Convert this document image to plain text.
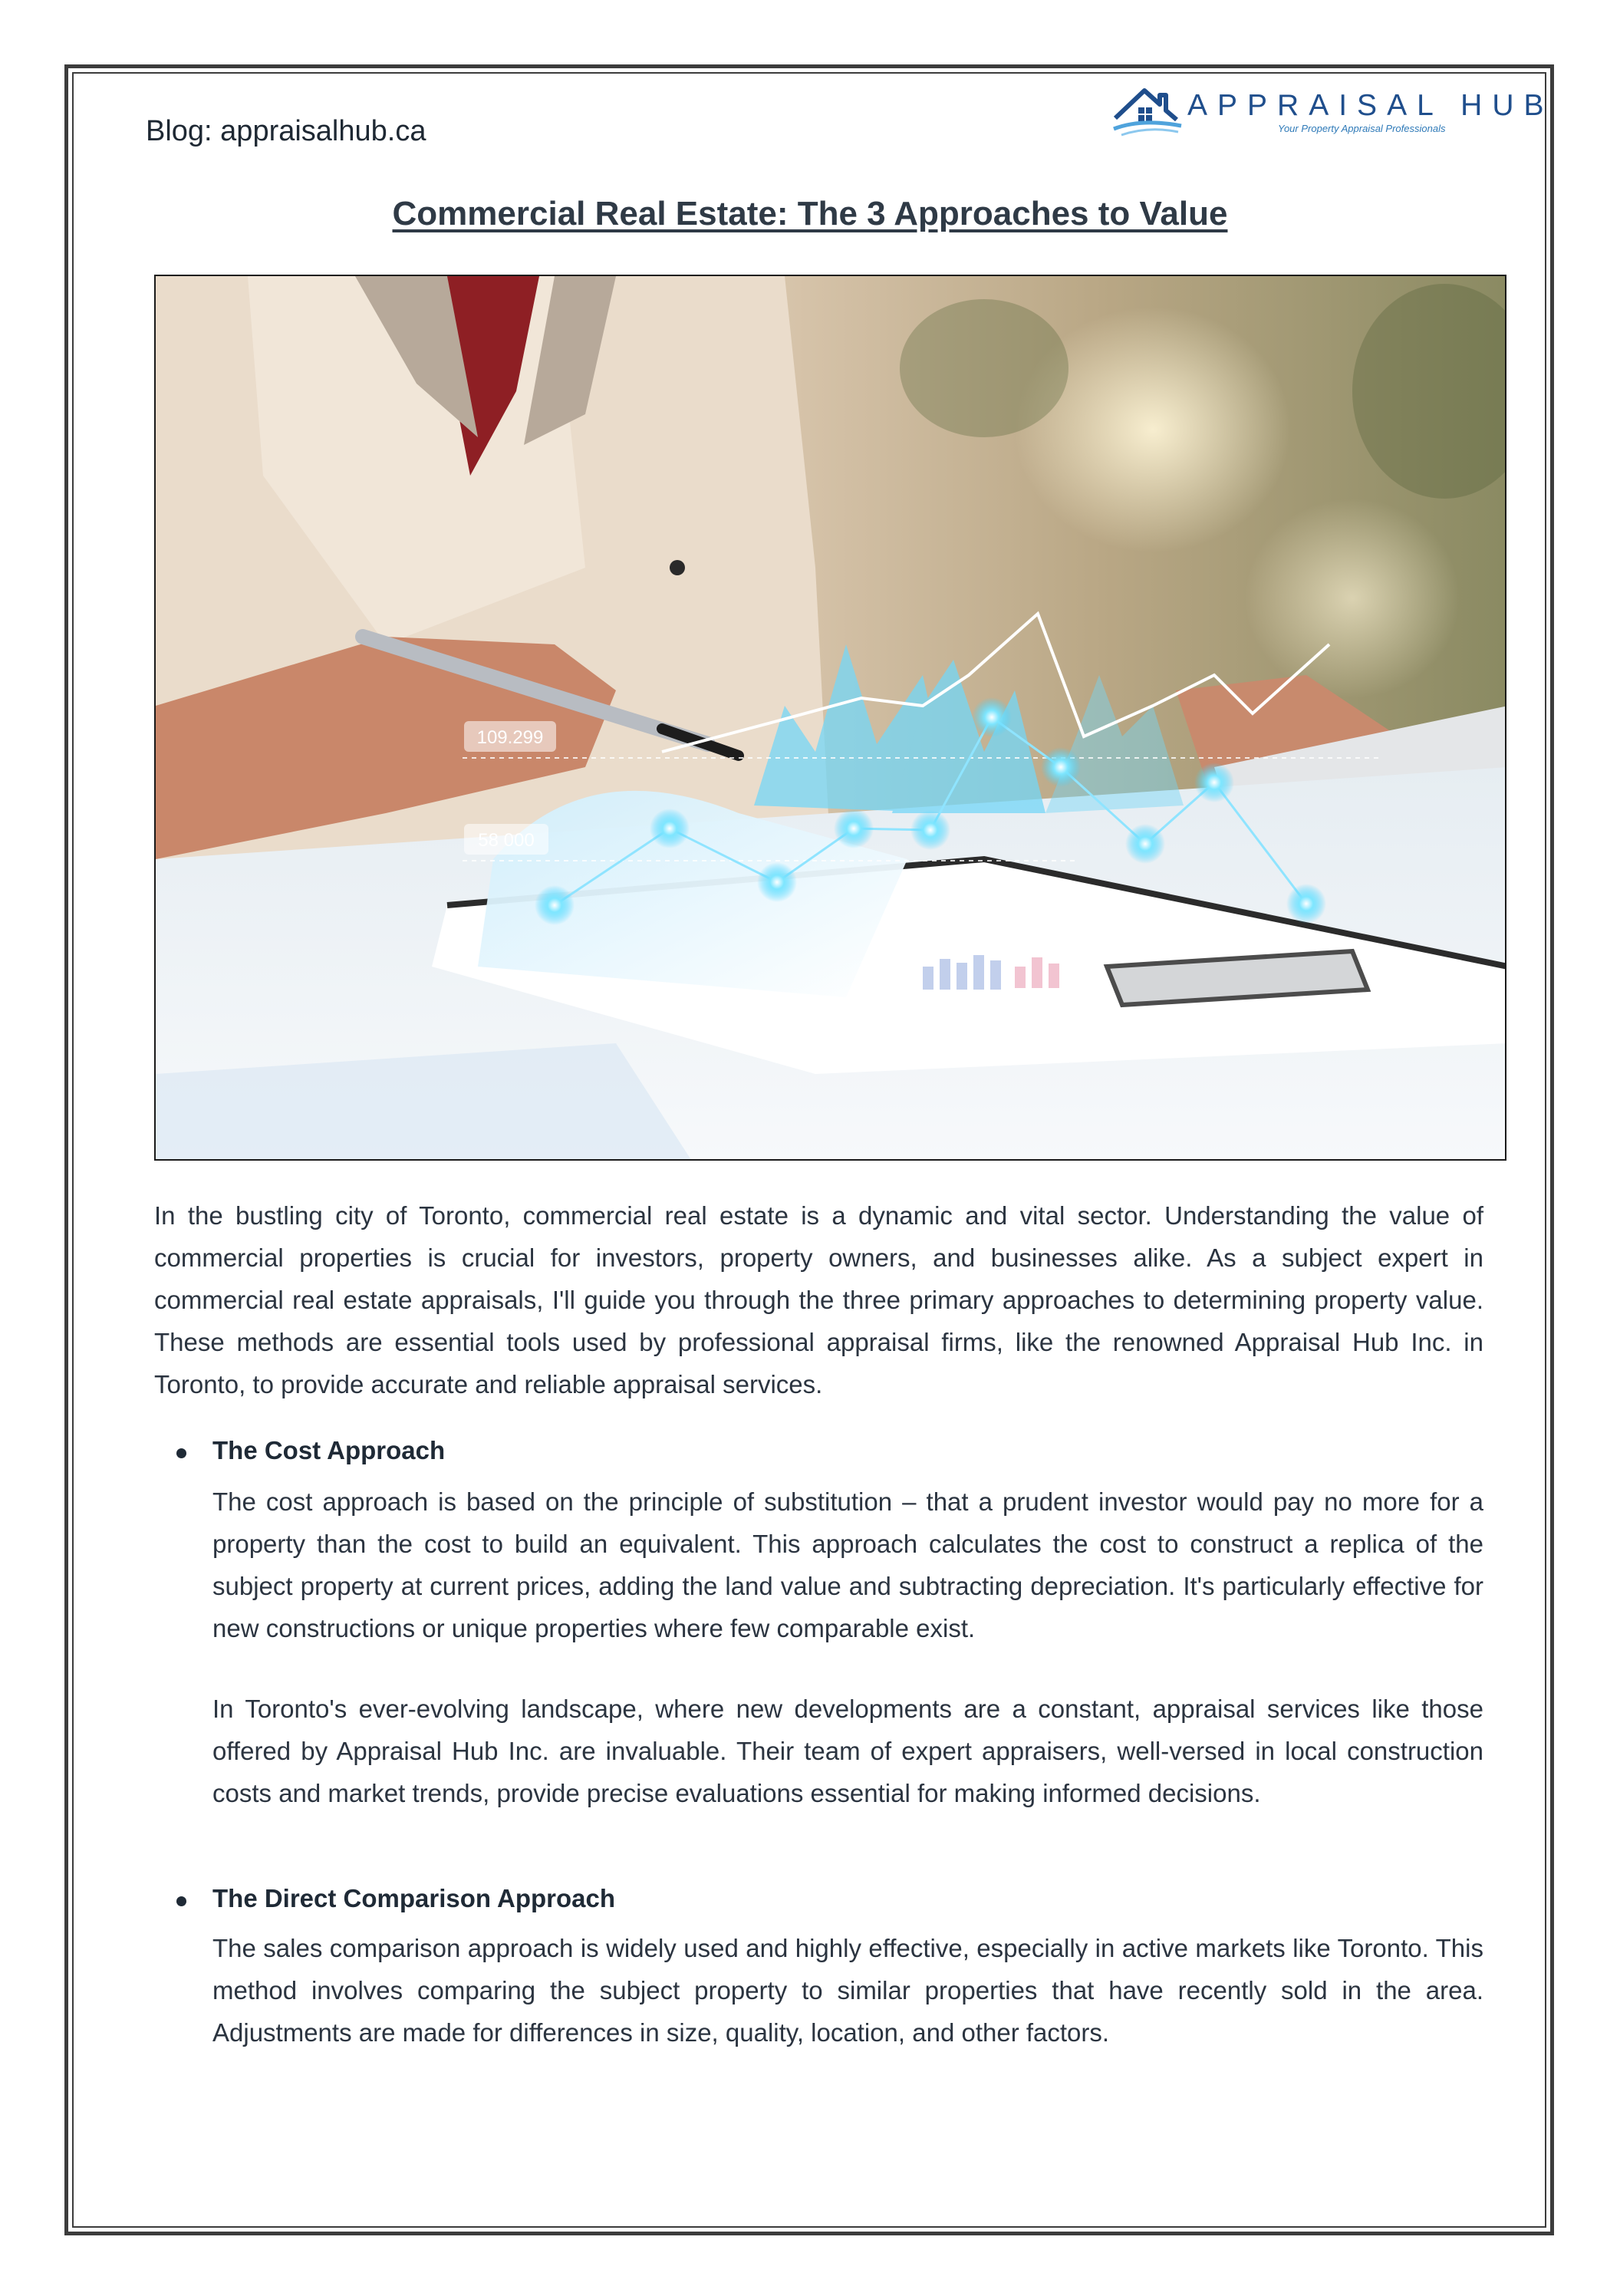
Blog: appraisalhub.ca
APPRAISAL HUB
Your Property Appraisal Professionals
Commercial Real Estate: The 3 Approaches to Value
109.299
58 000

In the bustling city of Toronto, commercial real estate is a dynamic and vital sector. Understanding the value of commercial properties is crucial for investors, property owners, and businesses alike. As a subject expert in commercial real estate appraisals, I'll guide you through the three primary approaches to determining property value. These methods are essential tools used by professional appraisal firms, like the renowned Appraisal Hub Inc. in Toronto, to provide accurate and reliable appraisal services.

The Cost Approach

The cost approach is based on the principle of substitution – that a prudent investor would pay no more for a property than the cost to build an equivalent. This approach calculates the cost to construct a replica of the subject property at current prices, adding the land value and subtracting depreciation. It's particularly effective for new constructions or unique properties where few comparable exist.

In Toronto's ever-evolving landscape, where new developments are a constant, appraisal services like those offered by Appraisal Hub Inc. are invaluable. Their team of expert appraisers, well-versed in local construction costs and market trends, provide precise evaluations essential for making informed decisions.

The Direct Comparison Approach

The sales comparison approach is widely used and highly effective, especially in active markets like Toronto. This method involves comparing the subject property to similar properties that have recently sold in the area. Adjustments are made for differences in size, quality, location, and other factors.
